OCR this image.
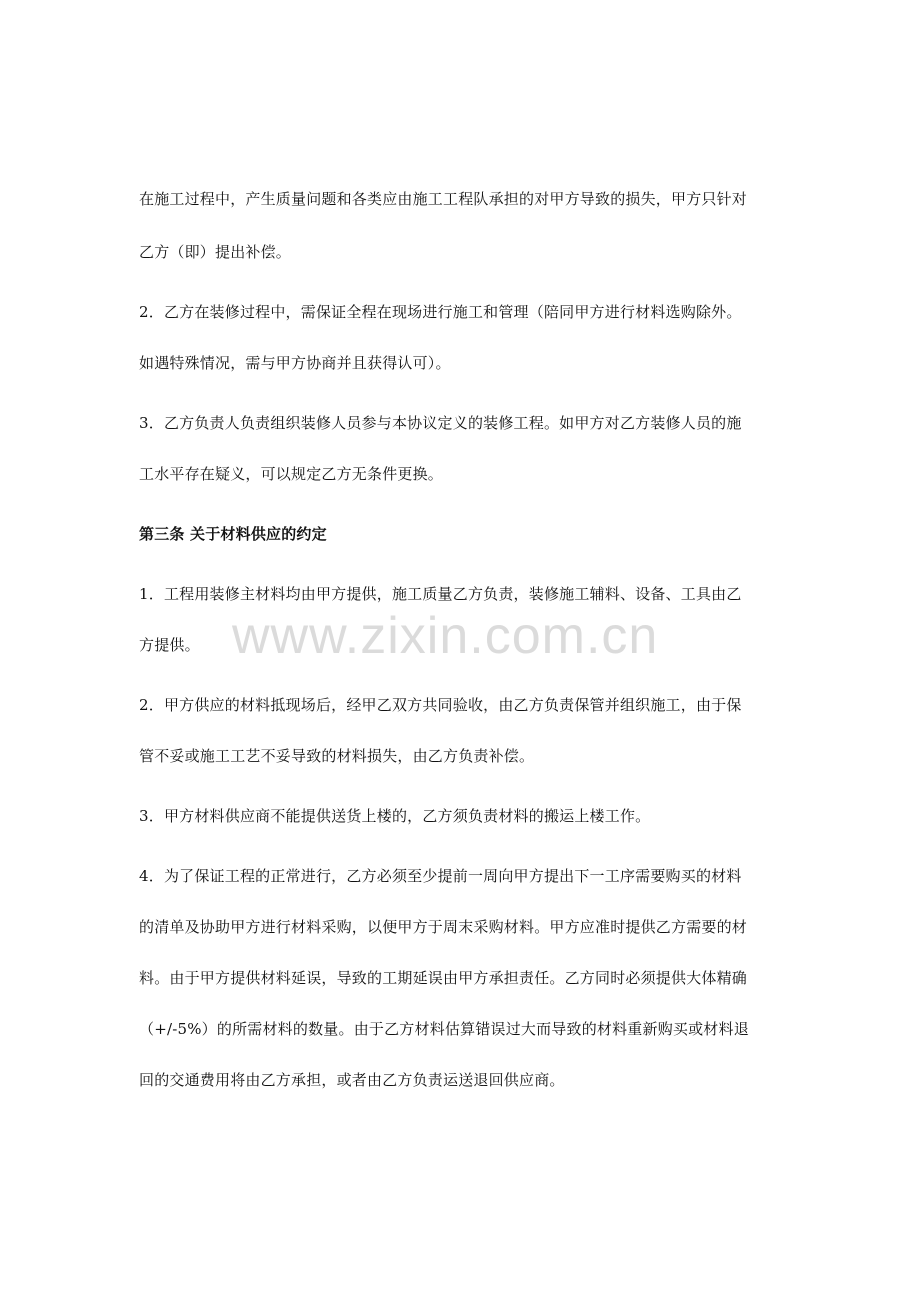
在施工过程中，产生质量问题和各类应由施工工程队承担的对甲方导致的损失，甲方只针对
乙方（即）提出补偿。
2．乙方在装修过程中，需保证全程在现场进行施工和管理（陪同甲方进行材料选购除外。
如遇特殊情况，需与甲方协商并且获得认可）。
3．乙方负责人负责组织装修人员参与本协议定义的装修工程。如甲方对乙方装修人员的施
工水平存在疑义，可以规定乙方无条件更换。
第三条 关于材料供应的约定
1．工程用装修主材料均由甲方提供，施工质量乙方负责，装修施工辅料、设备、工具由乙
方提供。
2．甲方供应的材料抵现场后，经甲乙双方共同验收，由乙方负责保管并组织施工，由于保
管不妥或施工工艺不妥导致的材料损失，由乙方负责补偿。
3．甲方材料供应商不能提供送货上楼的，乙方须负责材料的搬运上楼工作。
4．为了保证工程的正常进行，乙方必须至少提前一周向甲方提出下一工序需要购买的材料
的清单及协助甲方进行材料采购，以便甲方于周末采购材料。甲方应准时提供乙方需要的材
料。由于甲方提供材料延误，导致的工期延误由甲方承担责任。乙方同时必须提供大体精确
（+/-5%）的所需材料的数量。由于乙方材料估算错误过大而导致的材料重新购买或材料退
回的交通费用将由乙方承担，或者由乙方负责运送退回供应商。
www.zixin.com.cn
